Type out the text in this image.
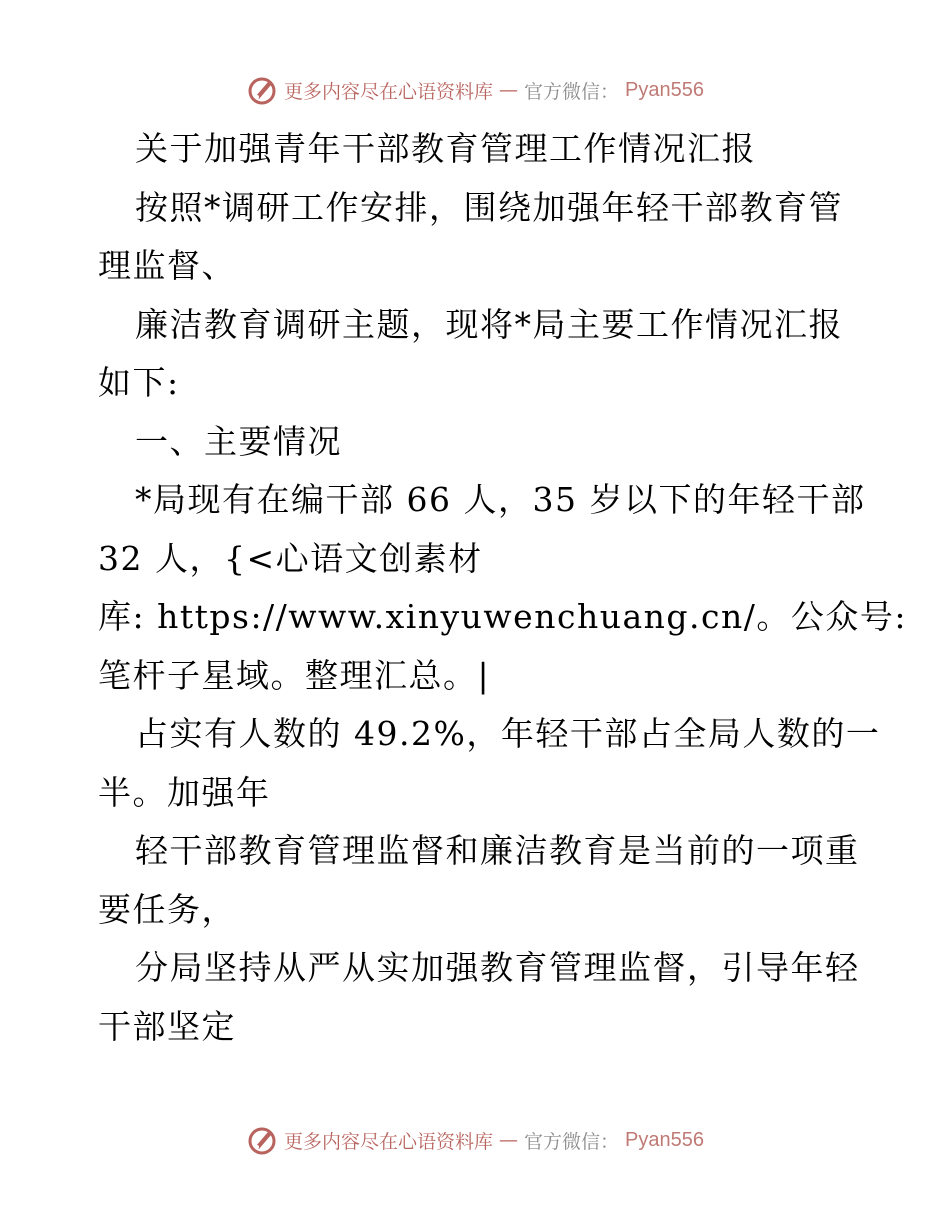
更多内容尽在心语资料库 — 官方微信： Pyan556
关于加强青年干部教育管理工作情况汇报
按照*调研工作安排，围绕加强年轻干部教育管
理监督、
廉洁教育调研主题，现将*局主要工作情况汇报
如下:
一、主要情况
*局现有在编干部 66 人，35 岁以下的年轻干部
32 人，{<心语文创素材
库: https://www.xinyuwenchuang.cn/。公众号:
笔杆子星域。整理汇总。|
占实有人数的 49.2%，年轻干部占全局人数的一
半。加强年
轻干部教育管理监督和廉洁教育是当前的一项重
要任务，
分局坚持从严从实加强教育管理监督，引导年轻
干部坚定
更多内容尽在心语资料库 — 官方微信： Pyan556
